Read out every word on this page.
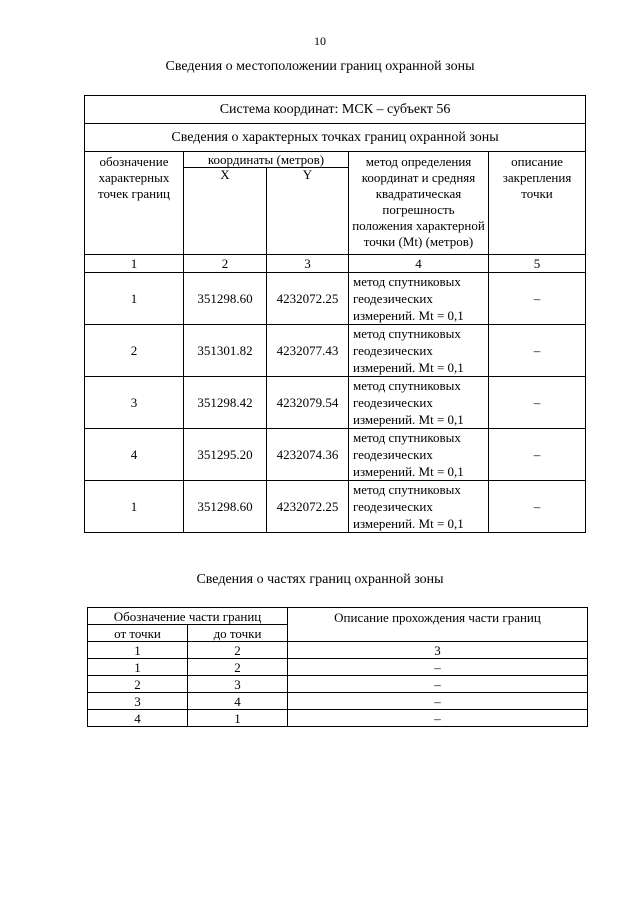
10
Сведения о местоположении границ охранной зоны
Система координат: МСК – субъект 56				
Сведения о характерных точках границ охранной зоны				
обозначение характерных точек границ	координаты (метров)		метод определения координат и средняя квадратическая погрешность положения характерной точки (Mt) (метров)	описание закрепления точки
	X	Y		
1	2	3	4	5
1	351298.60	4232072.25	метод спутниковых геодезических измерений. Mt = 0,1	–
2	351301.82	4232077.43	метод спутниковых геодезических измерений. Mt = 0,1	–
3	351298.42	4232079.54	метод спутниковых геодезических измерений. Mt = 0,1	–
4	351295.20	4232074.36	метод спутниковых геодезических измерений. Mt = 0,1	–
1	351298.60	4232072.25	метод спутниковых геодезических измерений. Mt = 0,1	–
Сведения о частях границ охранной зоны
Обозначение части границ		Описание прохождения части границ
от точки	до точки	
1	2	3
1	2	–
2	3	–
3	4	–
4	1	–
